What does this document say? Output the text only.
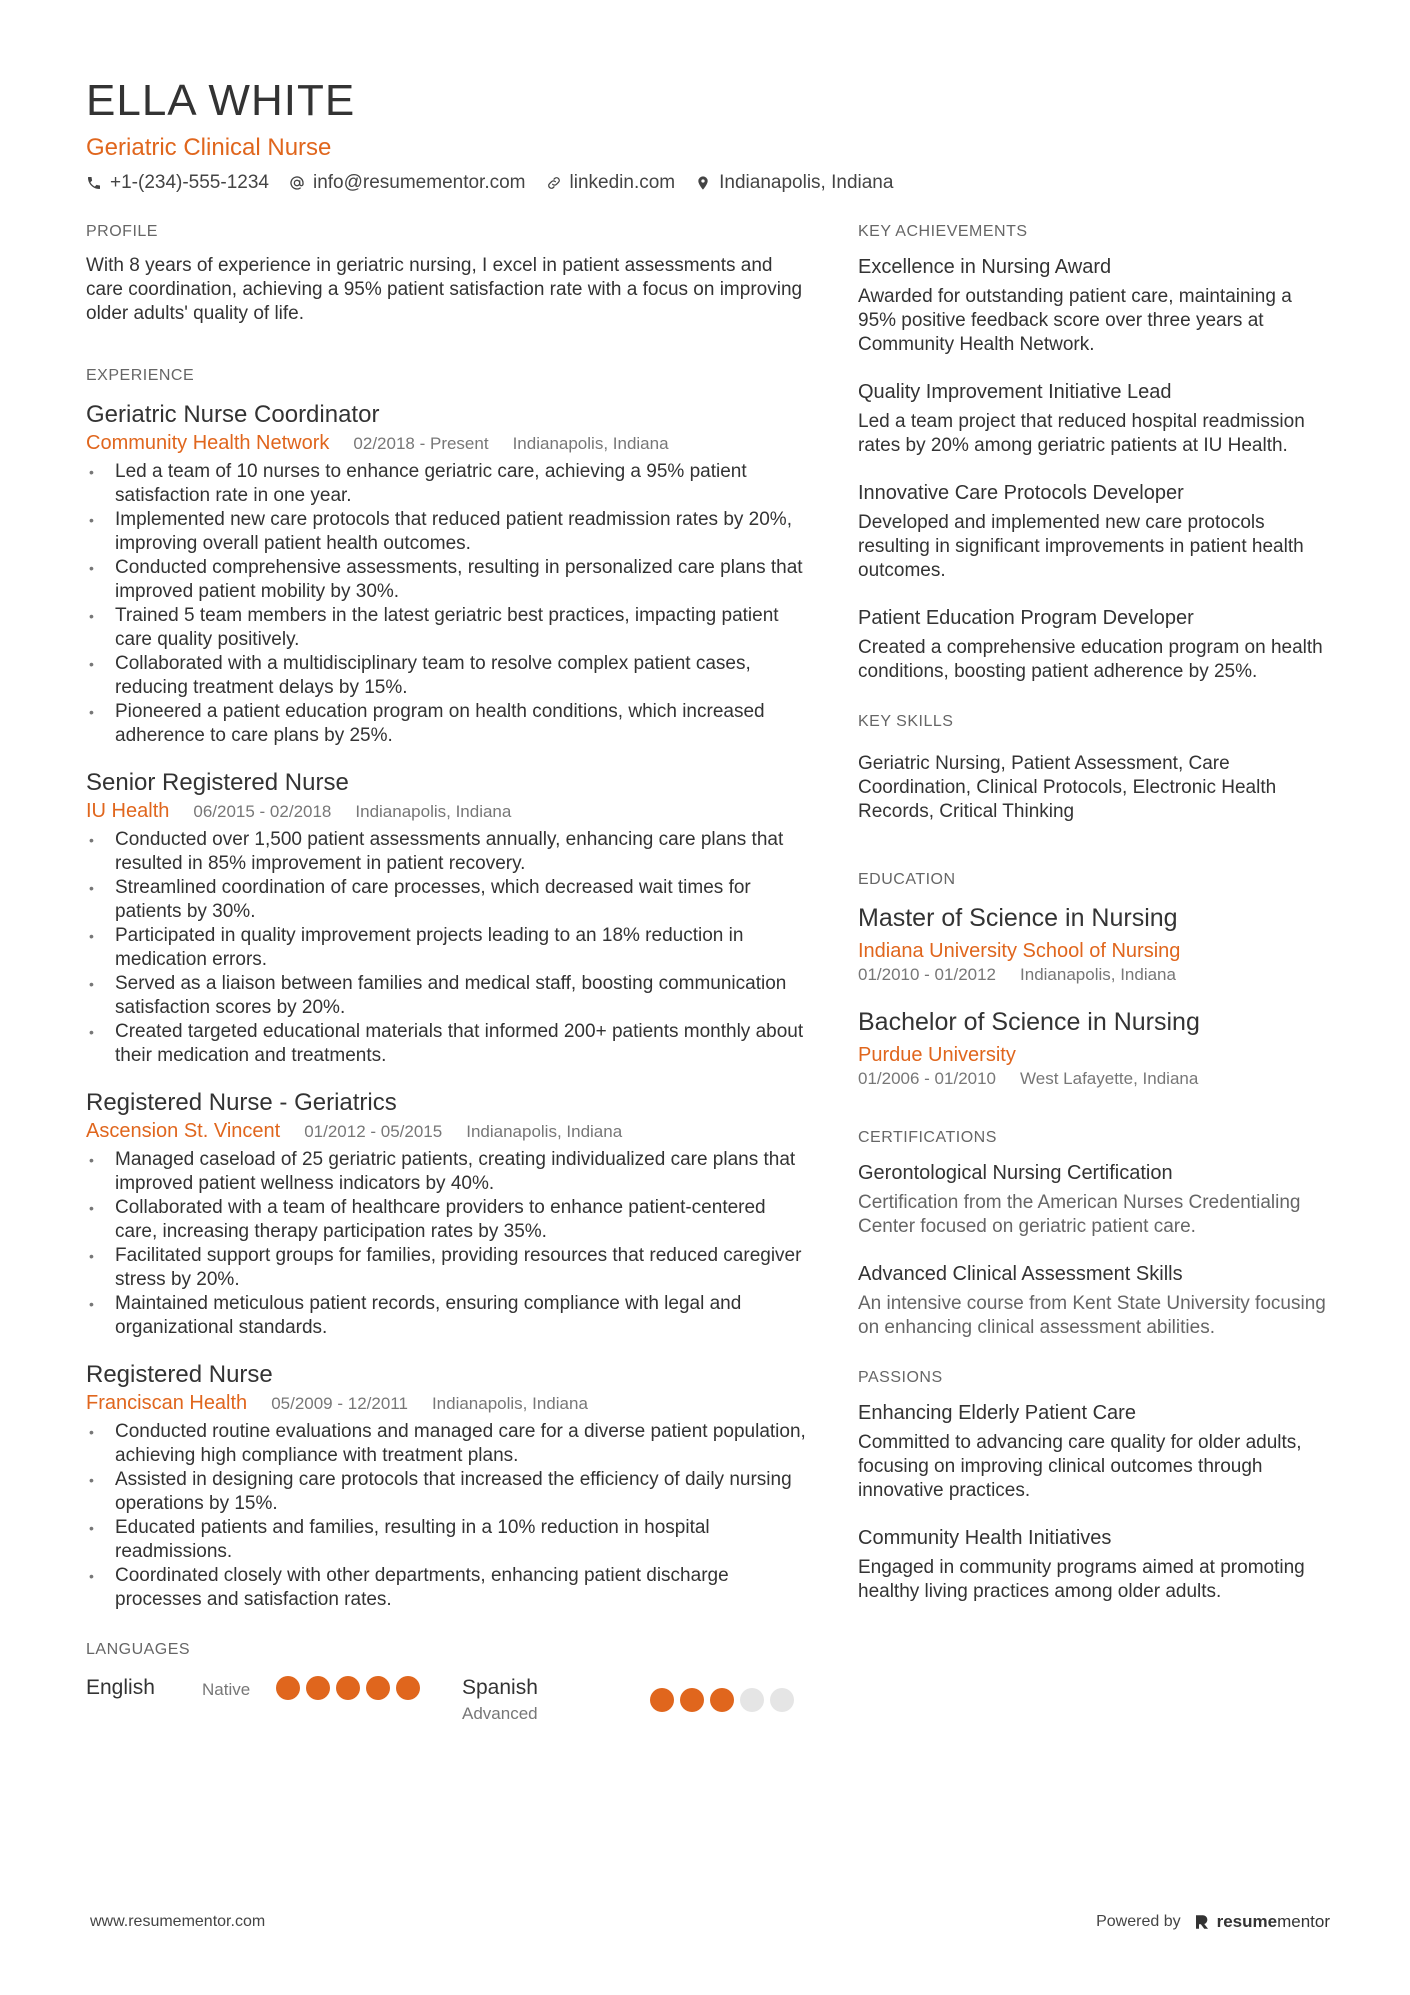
ELLA WHITE
Geriatric Clinical Nurse
+1-(234)-555-1234 info@resumementor.com linkedin.com Indianapolis, Indiana
PROFILE
With 8 years of experience in geriatric nursing, I excel in patient assessments and care coordination, achieving a 95% patient satisfaction rate with a focus on improving older adults' quality of life.
EXPERIENCE
Geriatric Nurse Coordinator
Community Health Network 02/2018 - Present Indianapolis, Indiana
• Led a team of 10 nurses to enhance geriatric care, achieving a 95% patient satisfaction rate in one year.
• Implemented new care protocols that reduced patient readmission rates by 20%, improving overall patient health outcomes.
• Conducted comprehensive assessments, resulting in personalized care plans that improved patient mobility by 30%.
• Trained 5 team members in the latest geriatric best practices, impacting patient care quality positively.
• Collaborated with a multidisciplinary team to resolve complex patient cases, reducing treatment delays by 15%.
• Pioneered a patient education program on health conditions, which increased adherence to care plans by 25%.
Senior Registered Nurse
IU Health 06/2015 - 02/2018 Indianapolis, Indiana
• Conducted over 1,500 patient assessments annually, enhancing care plans that resulted in 85% improvement in patient recovery.
• Streamlined coordination of care processes, which decreased wait times for patients by 30%.
• Participated in quality improvement projects leading to an 18% reduction in medication errors.
• Served as a liaison between families and medical staff, boosting communication satisfaction scores by 20%.
• Created targeted educational materials that informed 200+ patients monthly about their medication and treatments.
Registered Nurse - Geriatrics
Ascension St. Vincent 01/2012 - 05/2015 Indianapolis, Indiana
• Managed caseload of 25 geriatric patients, creating individualized care plans that improved patient wellness indicators by 40%.
• Collaborated with a team of healthcare providers to enhance patient-centered care, increasing therapy participation rates by 35%.
• Facilitated support groups for families, providing resources that reduced caregiver stress by 20%.
• Maintained meticulous patient records, ensuring compliance with legal and organizational standards.
Registered Nurse
Franciscan Health 05/2009 - 12/2011 Indianapolis, Indiana
• Conducted routine evaluations and managed care for a diverse patient population, achieving high compliance with treatment plans.
• Assisted in designing care protocols that increased the efficiency of daily nursing operations by 15%.
• Educated patients and families, resulting in a 10% reduction in hospital readmissions.
• Coordinated closely with other departments, enhancing patient discharge processes and satisfaction rates.
LANGUAGES
English	Native	Spanish
Advanced
KEY ACHIEVEMENTS
Excellence in Nursing Award
Awarded for outstanding patient care, maintaining a 95% positive feedback score over three years at Community Health Network.
Quality Improvement Initiative Lead
Led a team project that reduced hospital readmission rates by 20% among geriatric patients at IU Health.
Innovative Care Protocols Developer
Developed and implemented new care protocols resulting in significant improvements in patient health outcomes.
Patient Education Program Developer
Created a comprehensive education program on health conditions, boosting patient adherence by 25%.
KEY SKILLS
Geriatric Nursing, Patient Assessment, Care Coordination, Clinical Protocols, Electronic Health Records, Critical Thinking
EDUCATION
Master of Science in Nursing
Indiana University School of Nursing
01/2010 - 01/2012 Indianapolis, Indiana
Bachelor of Science in Nursing
Purdue University
01/2006 - 01/2010 West Lafayette, Indiana
CERTIFICATIONS
Gerontological Nursing Certification
Certification from the American Nurses Credentialing Center focused on geriatric patient care.
Advanced Clinical Assessment Skills
An intensive course from Kent State University focusing on enhancing clinical assessment abilities.
PASSIONS
Enhancing Elderly Patient Care
Committed to advancing care quality for older adults, focusing on improving clinical outcomes through innovative practices.
Community Health Initiatives
Engaged in community programs aimed at promoting healthy living practices among older adults.
www.resumementor.com	Powered by resumementor
